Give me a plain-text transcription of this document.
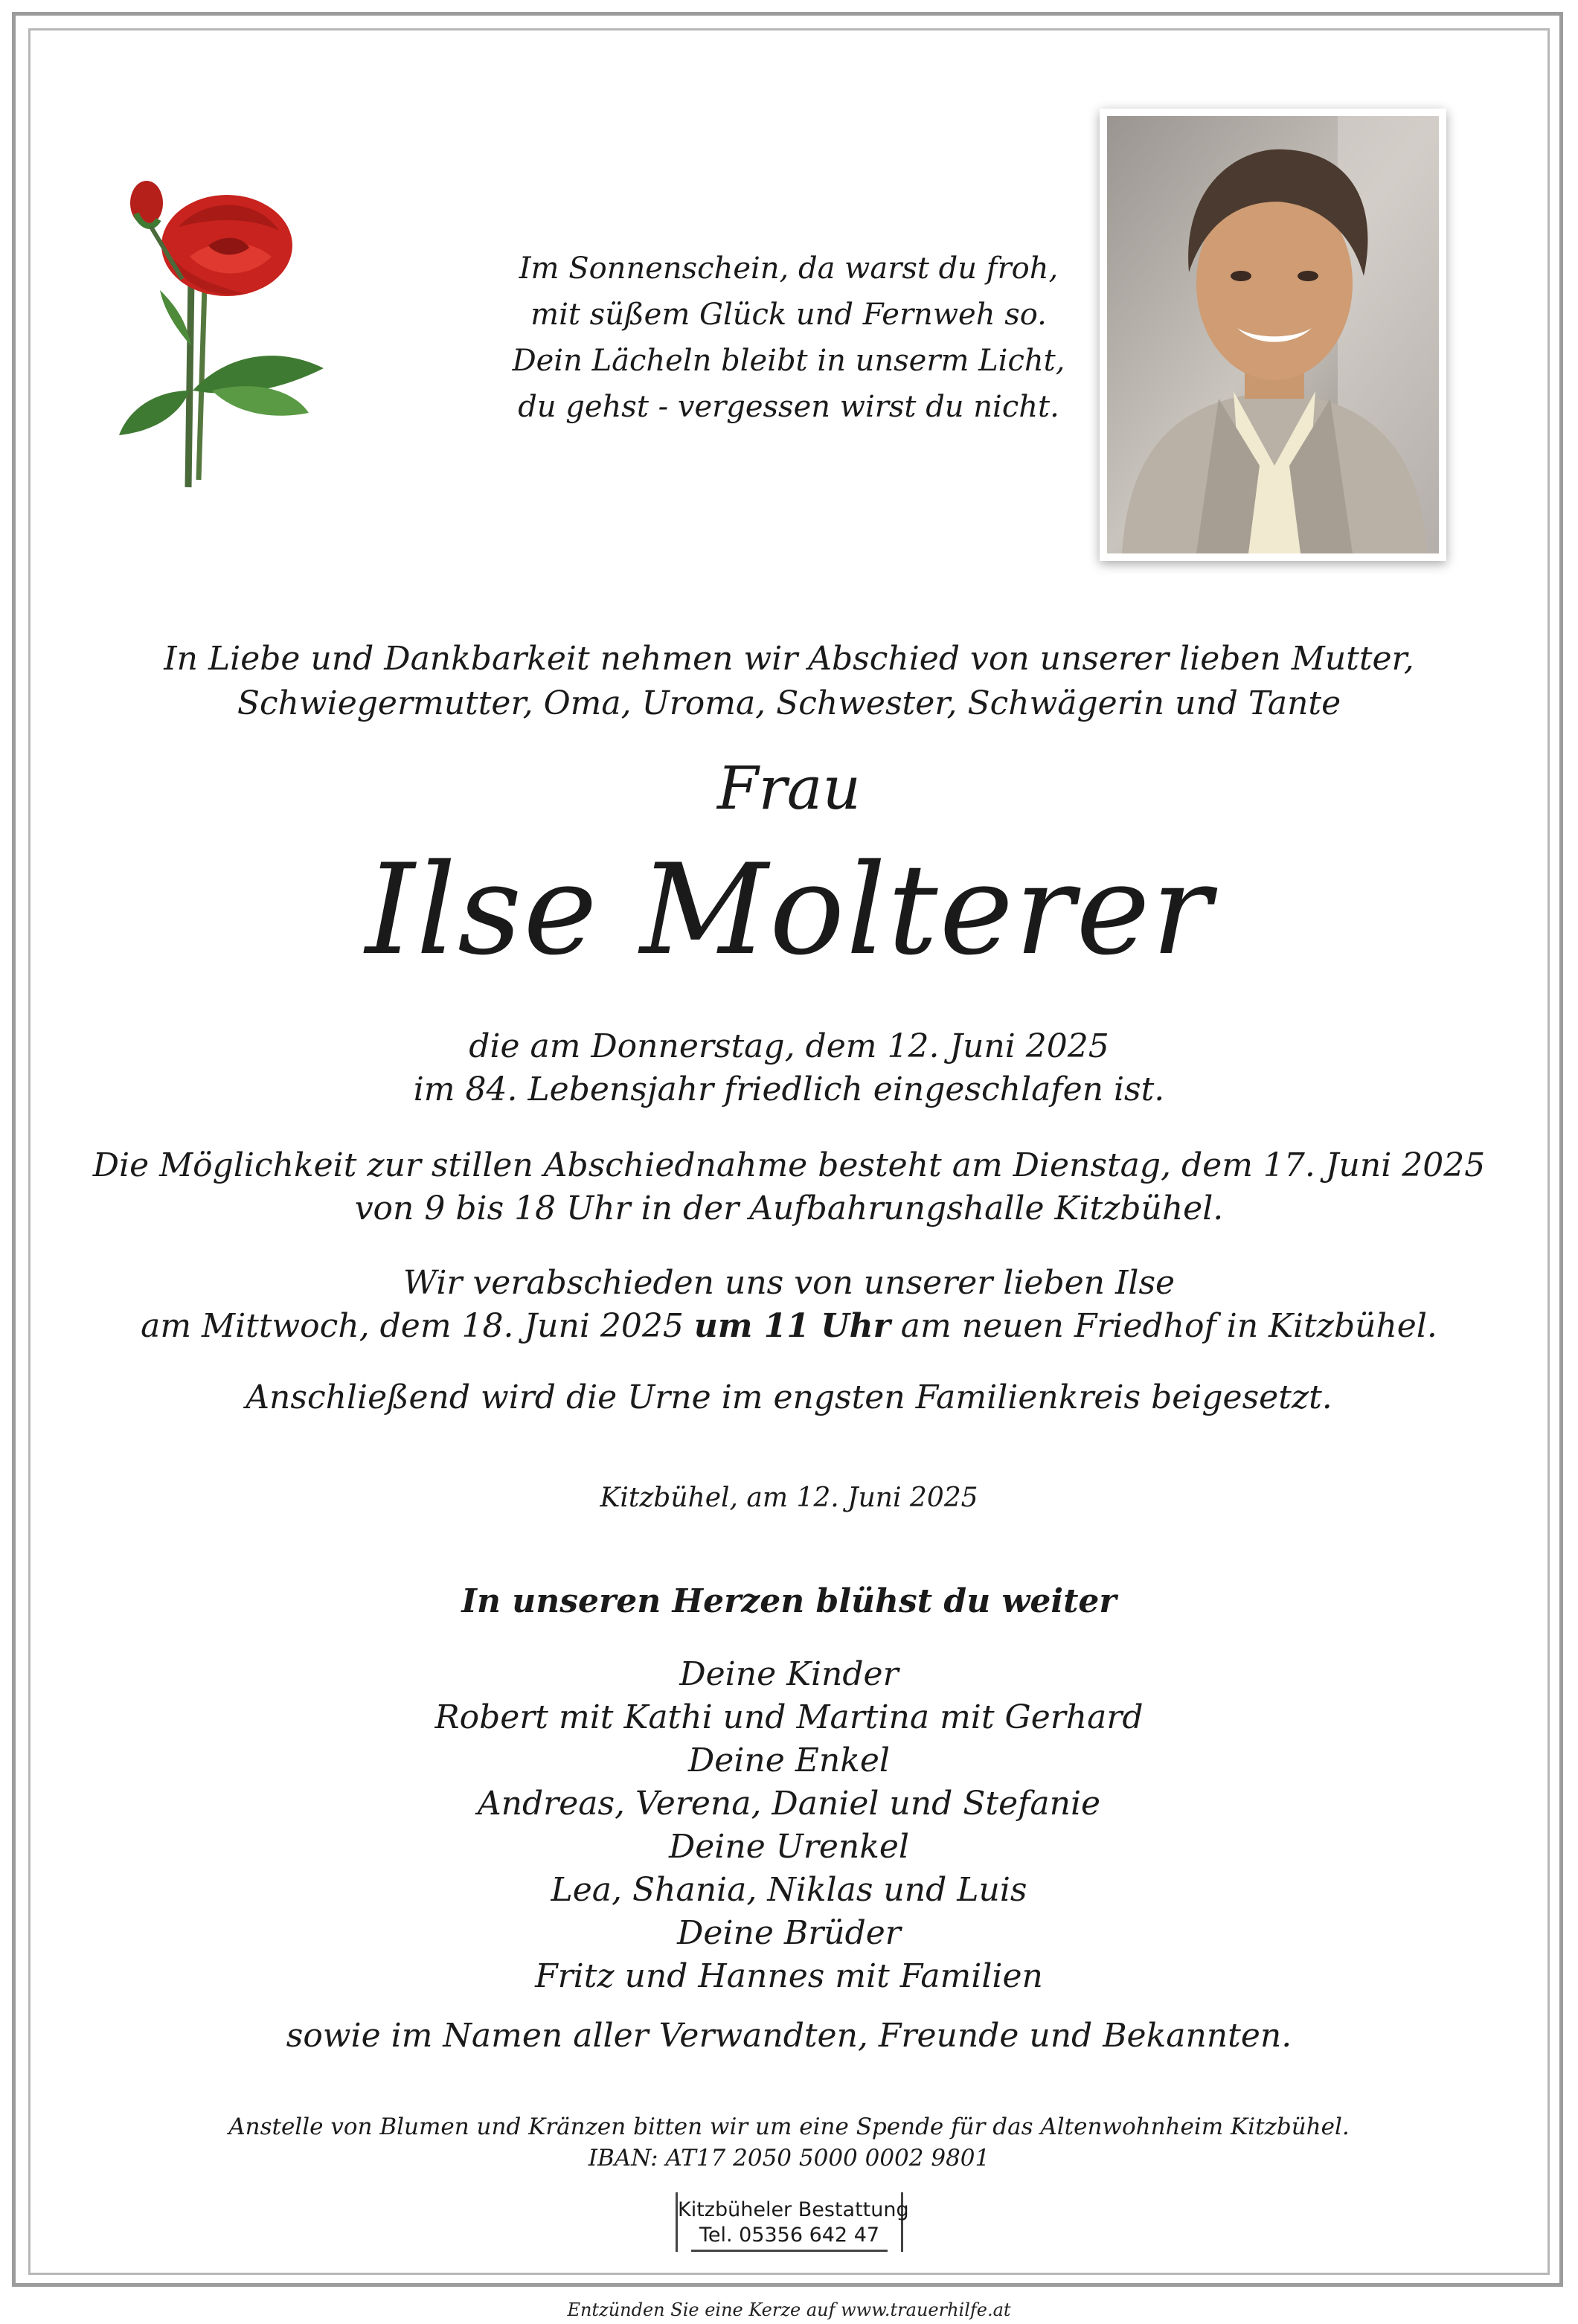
Im Sonnenschein, da warst du froh,
mit süßem Glück und Fernweh so.
Dein Lächeln bleibt in unserm Licht,
du gehst - vergessen wirst du nicht.
In Liebe und Dankbarkeit nehmen wir Abschied von unserer lieben Mutter,
Schwiegermutter, Oma, Uroma, Schwester, Schwägerin und Tante
Frau
Ilse Molterer
die am Donnerstag, dem 12. Juni 2025
im 84. Lebensjahr friedlich eingeschlafen ist.
Die Möglichkeit zur stillen Abschiednahme besteht am Dienstag, dem 17. Juni 2025
von 9 bis 18 Uhr in der Aufbahrungshalle Kitzbühel.
Wir verabschieden uns von unserer lieben Ilse
am Mittwoch, dem 18. Juni 2025 um 11 Uhr am neuen Friedhof in Kitzbühel.
Anschließend wird die Urne im engsten Familienkreis beigesetzt.
Kitzbühel, am 12. Juni 2025
In unseren Herzen blühst du weiter
Deine Kinder
Robert mit Kathi und Martina mit Gerhard
Deine Enkel
Andreas, Verena, Daniel und Stefanie
Deine Urenkel
Lea, Shania, Niklas und Luis
Deine Brüder
Fritz und Hannes mit Familien
sowie im Namen aller Verwandten, Freunde und Bekannten.
Anstelle von Blumen und Kränzen bitten wir um eine Spende für das Altenwohnheim Kitzbühel.
IBAN: AT17 2050 5000 0002 9801
Kitzbüheler Bestattung
Tel. 05356 642 47
Entzünden Sie eine Kerze auf www.trauerhilfe.at
